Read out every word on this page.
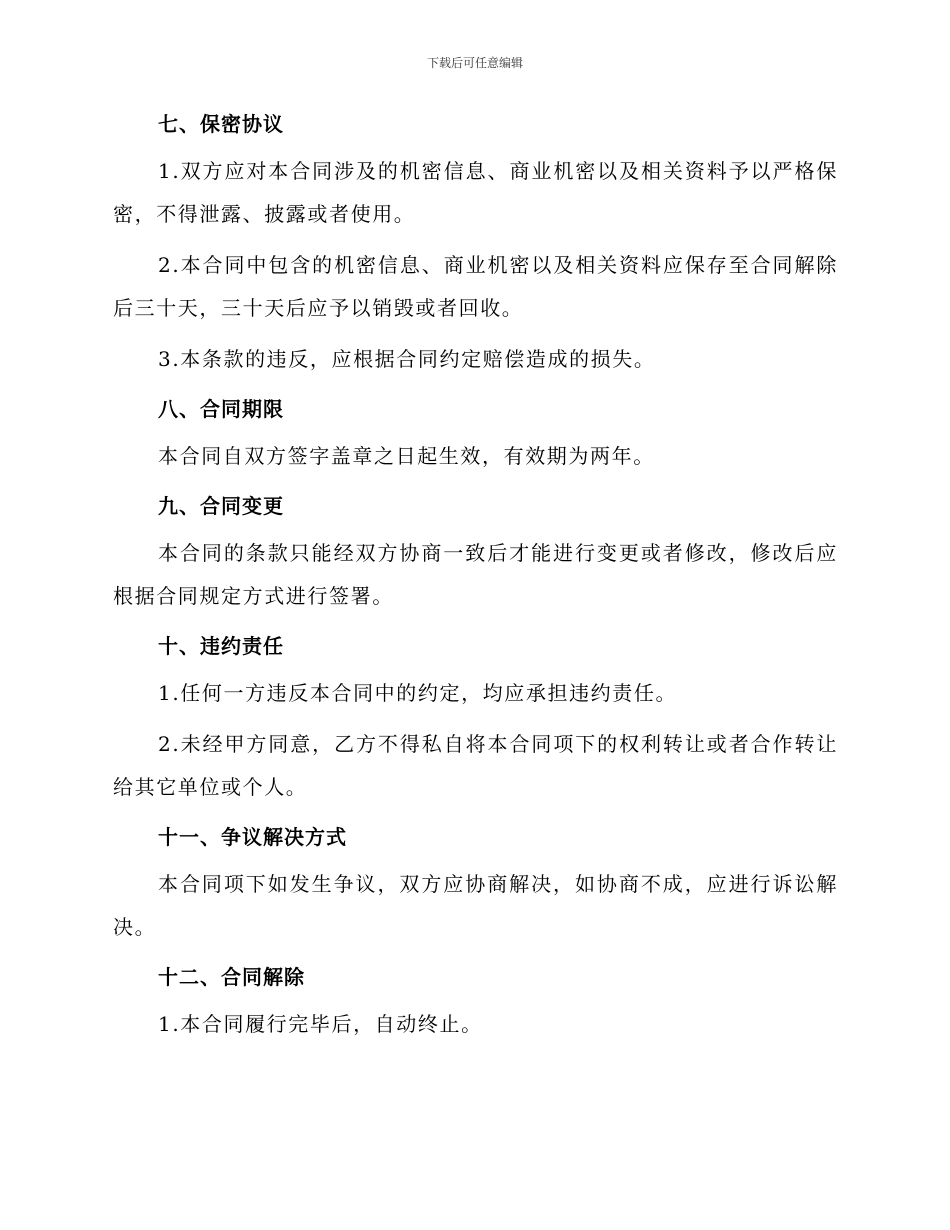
下载后可任意编辑
七、保密协议

1.双方应对本合同涉及的机密信息、商业机密以及相关资料予以严格保密，不得泄露、披露或者使用。

2.本合同中包含的机密信息、商业机密以及相关资料应保存至合同解除后三十天，三十天后应予以销毁或者回收。

3.本条款的违反，应根据合同约定赔偿造成的损失。

八、合同期限

本合同自双方签字盖章之日起生效，有效期为两年。

九、合同变更

本合同的条款只能经双方协商一致后才能进行变更或者修改，修改后应根据合同规定方式进行签署。

十、违约责任

1.任何一方违反本合同中的约定，均应承担违约责任。

2.未经甲方同意，乙方不得私自将本合同项下的权利转让或者合作转让给其它单位或个人。

十一、争议解决方式

本合同项下如发生争议，双方应协商解决，如协商不成，应进行诉讼解决。

十二、合同解除

1.本合同履行完毕后，自动终止。
